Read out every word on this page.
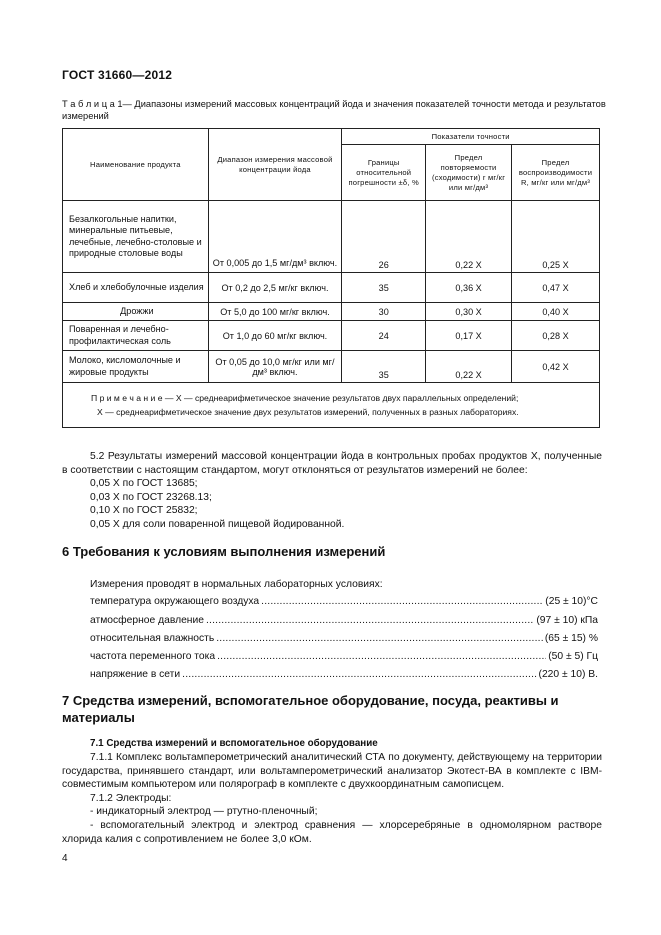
ГОСТ 31660—2012
Т а б л и ц а 1— Диапазоны измерений массовых концентраций йода и значения показателей точности метода и результатов измерений
Наименование продукта	Диапазон измерения массовой концентрации йода	Показатели точности		
		Границы относительной погрешности ±δ, %	Предел повторяемости (сходимости) r мг/кг или мг/дм³	Предел воспроизводимости R, мг/кг или мг/дм³
Безалкогольные напитки, минеральные питьевые, лечебные, лечебно-столовые и природные столовые воды	От 0,005 до 1,5 мг/дм³ включ.	26	0,22 X	0,25 X
Хлеб и хлебобулочные изделия	От 0,2 до 2,5 мг/кг включ.	35	0,36 X	0,47 X
Дрожжи	От 5,0 до 100 мг/кг включ.	30	0,30 X	0,40 X
Поваренная и лечебно-профилактическая соль	От 1,0 до 60 мг/кг включ.	24	0,17 X	0,28 X
Молоко, кисломолочные и жировые продукты	От 0,05 до 10,0 мг/кг или мг/дм³ включ.	35	0,22 X	0,42 X

П р и м е ч а н и е — X — среднеарифметическое значение результатов двух параллельных определений;
X — среднеарифметическое значение двух результатов измерений, полученных в разных лабораториях.				
5.2 Результаты измерений массовой концентрации йода в контрольных пробах продуктов X, полученные в соответствии с настоящим стандартом, могут отклоняться от результатов измерений не более:
0,05 X по ГОСТ 13685;
0,03 X по ГОСТ 23268.13;
0,10 X по ГОСТ 25832;
0,05 X для соли поваренной пищевой йодированной.
6 Требования к условиям выполнения измерений
Измерения проводят в нормальных лабораторных условиях:
температура окружающего воздуха .....	(25 ± 10)°С
атмосферное давление .....	(97 ± 10) кПа
относительная влажность .....	(65 ± 15) %
частота переменного тока .....	(50 ± 5) Гц
напряжение в сети .....	(220 ± 10) В.
7 Средства измерений, вспомогательное оборудование, посуда, реактивы и материалы
7.1 Средства измерений и вспомогательное оборудование
7.1.1 Комплекс вольтамперометрический аналитический СТА по документу, действующему на территории государства, принявшего стандарт, или вольтамперометрический анализатор Экотест-ВА в комплекте с IBM-совместимым компьютером или полярограф в комплекте с двухкоординатным самописцем.
7.1.2 Электроды:
- индикаторный электрод — ртутно-пленочный;
- вспомогательный электрод и электрод сравнения — хлорсеребряные в одномолярном растворе хлорида калия с сопротивлением не более 3,0 кОм.
4
